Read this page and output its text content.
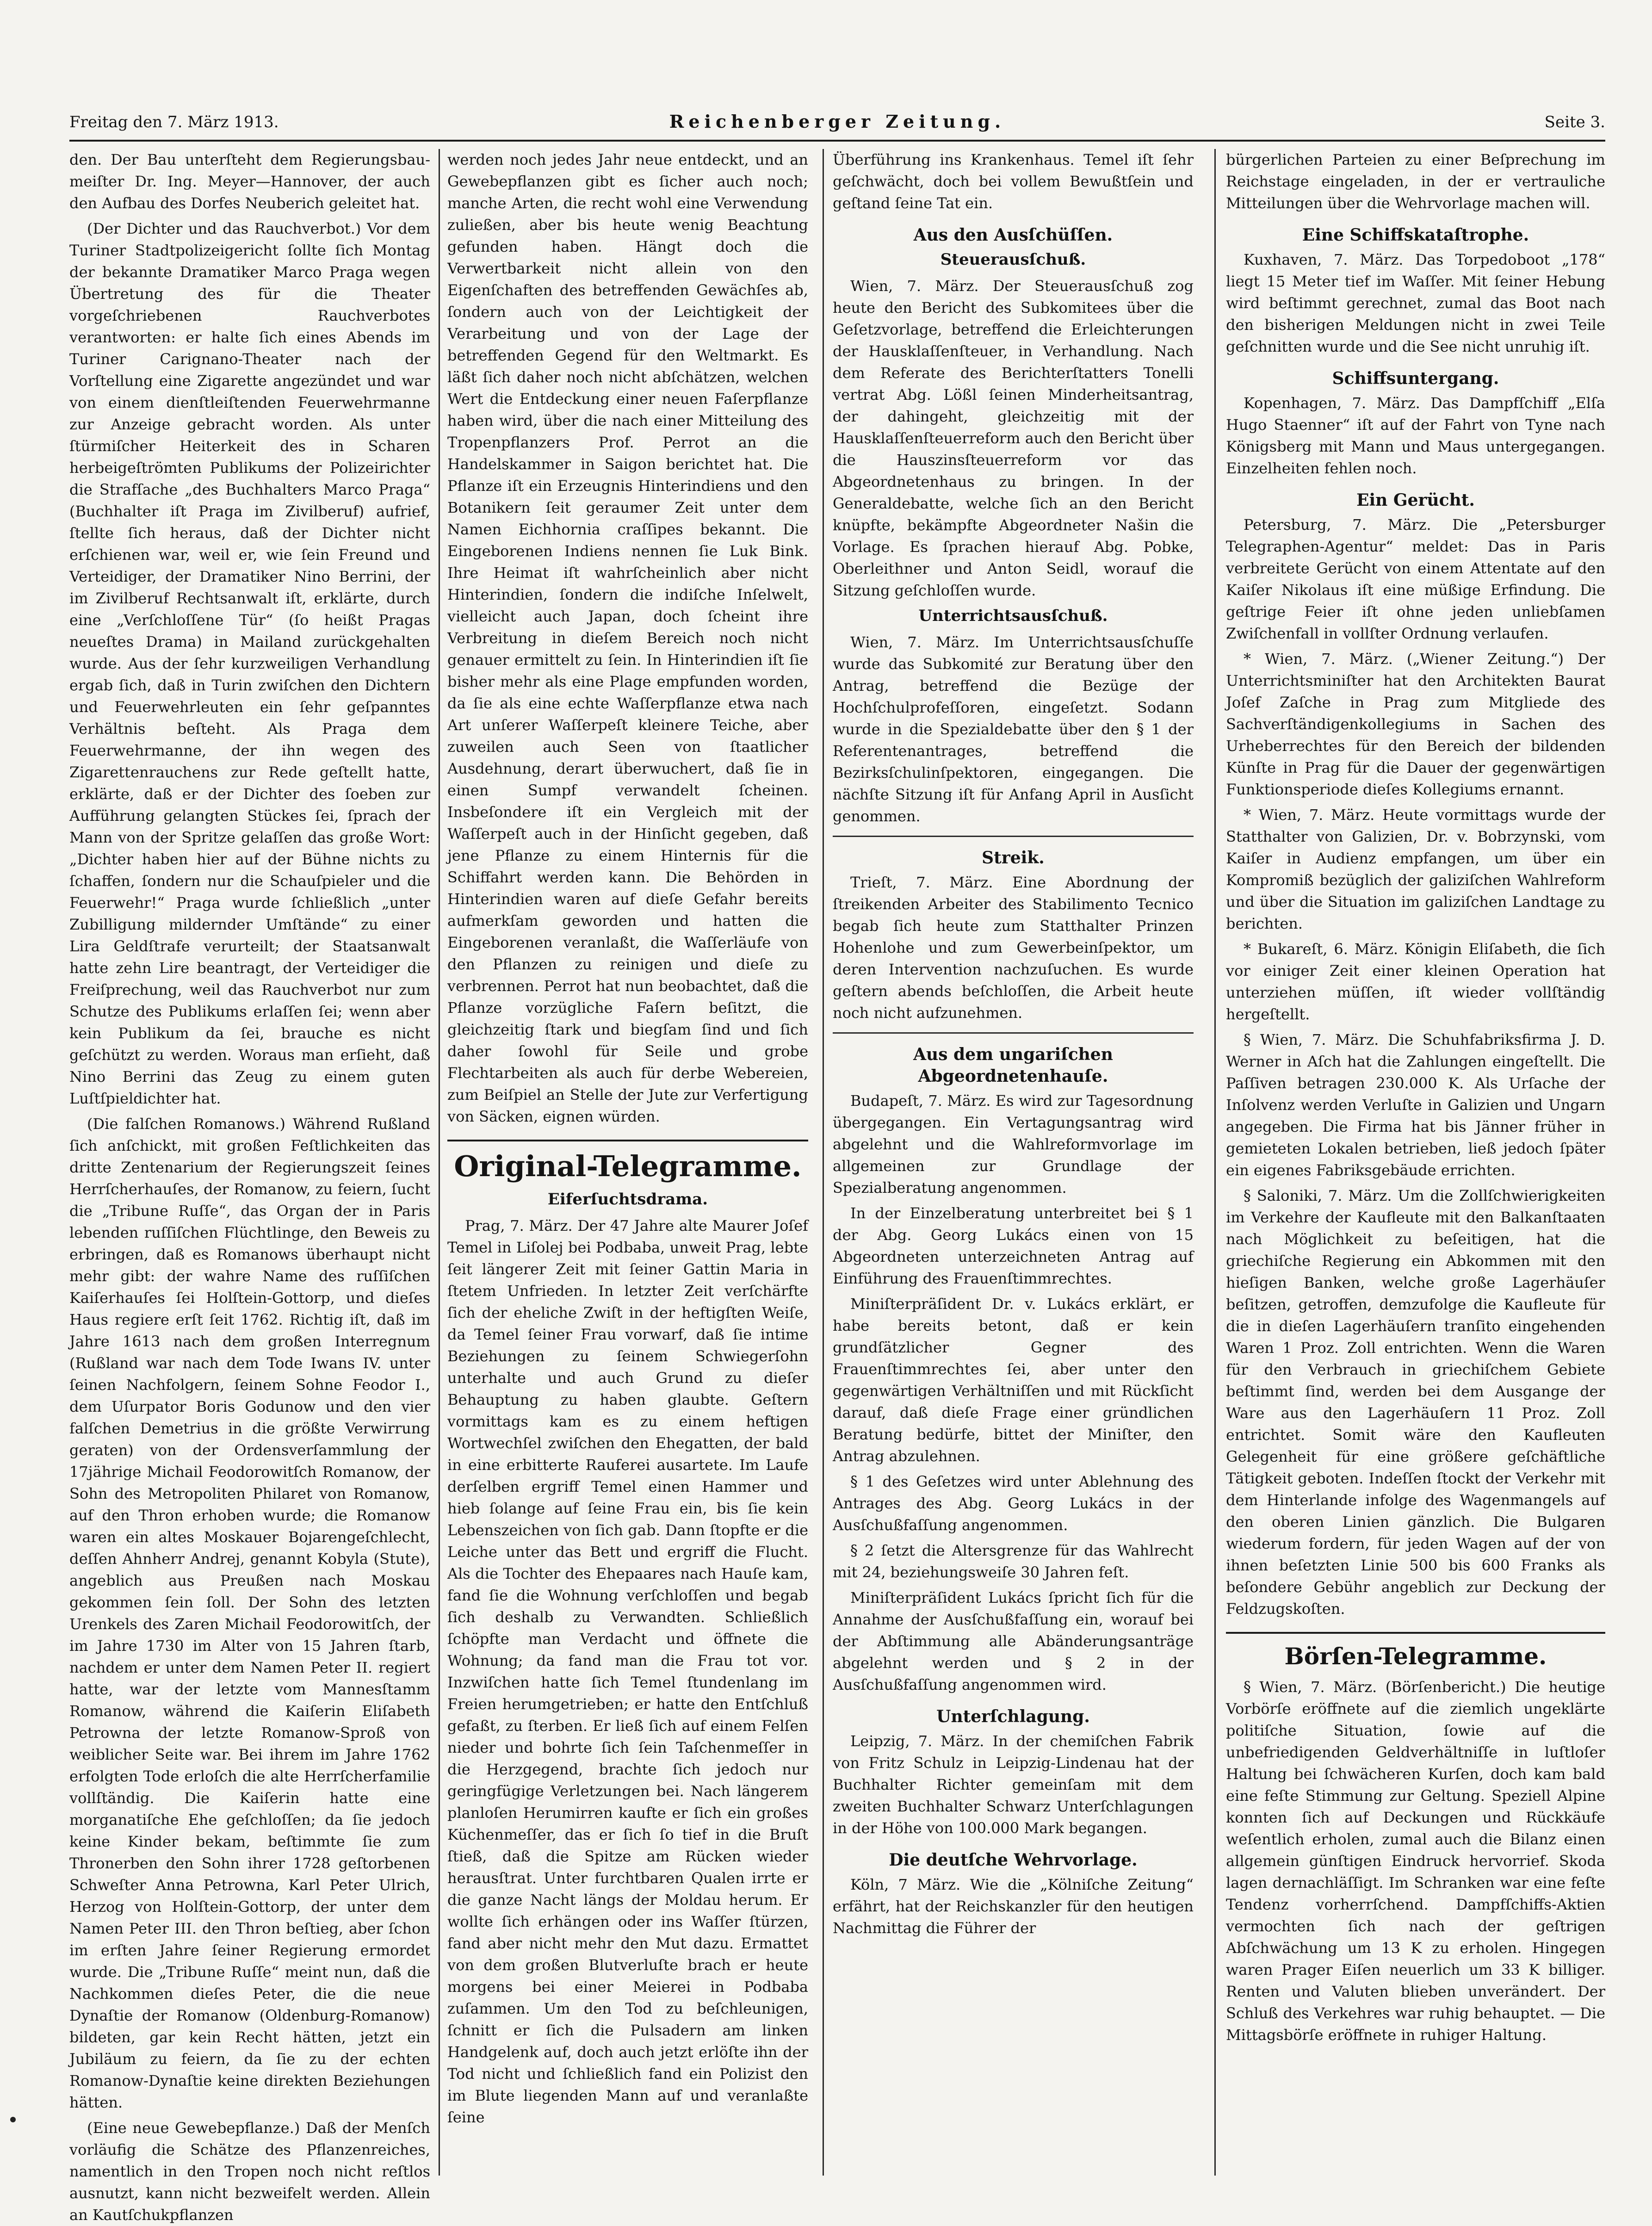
Freitag den 7. März 1913.	Reichenberger Zeitung.	Seite 3.

den. Der Bau unterſteht dem Regierungsbau-meiſter Dr. Ing. Meyer—Hannover, der auch den Aufbau des Dorfes Neuberich geleitet hat.

(Der Dichter und das Rauchverbot.) Vor dem Turiner Stadtpolizeigericht ſollte ſich Montag der bekannte Dramatiker Marco Praga wegen Übertretung des für die Theater vorgeſchriebenen Rauchverbotes verantworten: er halte ſich eines Abends im Turiner Carignano-Theater nach der Vorſtellung eine Zigarette angezündet und war von einem dienſtleiſtenden Feuerwehrmanne zur Anzeige gebracht worden. Als unter ſtürmiſcher Heiterkeit des in Scharen herbeigeſtrömten Publikums der Polizeirichter die Strafſache „des Buchhalters Marco Praga“ (Buchhalter iſt Praga im Zivilberuf) aufrief, ſtellte ſich heraus, daß der Dichter nicht erſchienen war, weil er, wie ſein Freund und Verteidiger, der Dramatiker Nino Berrini, der im Zivilberuf Rechtsanwalt iſt, erklärte, durch eine „Verſchloſſene Tür“ (ſo heißt Pragas neueſtes Drama) in Mailand zurückgehalten wurde. Aus der ſehr kurzweiligen Verhandlung ergab ſich, daß in Turin zwiſchen den Dichtern und Feuerwehrleuten ein ſehr geſpanntes Verhältnis beſteht. Als Praga dem Feuerwehrmanne, der ihn wegen des Zigarettenrauchens zur Rede geſtellt hatte, erklärte, daß er der Dichter des ſoeben zur Aufführung gelangten Stückes ſei, ſprach der Mann von der Spritze gelaſſen das große Wort: „Dichter haben hier auf der Bühne nichts zu ſchaffen, ſondern nur die Schauſpieler und die Feuerwehr!“ Praga wurde ſchließlich „unter Zubilligung mildernder Umſtände“ zu einer Lira Geldſtrafe verurteilt; der Staatsanwalt hatte zehn Lire beantragt, der Verteidiger die Freiſprechung, weil das Rauchverbot nur zum Schutze des Publikums erlaſſen ſei; wenn aber kein Publikum da ſei, brauche es nicht geſchützt zu werden. Woraus man erſieht, daß Nino Berrini das Zeug zu einem guten Luſtſpieldichter hat.

(Die falſchen Romanows.) Während Rußland ſich anſchickt, mit großen Feſtlichkeiten das dritte Zentenarium der Regierungszeit ſeines Herrſcherhauſes, der Romanow, zu feiern, ſucht die „Tribune Ruſſe“, das Organ der in Paris lebenden ruſſiſchen Flüchtlinge, den Beweis zu erbringen, daß es Romanows überhaupt nicht mehr gibt: der wahre Name des ruſſiſchen Kaiſerhauſes ſei Holſtein-Gottorp, und dieſes Haus regiere erſt ſeit 1762. Richtig iſt, daß im Jahre 1613 nach dem großen Interregnum (Rußland war nach dem Tode Iwans IV. unter ſeinen Nachfolgern, ſeinem Sohne Feodor I., dem Uſurpator Boris Godunow und den vier falſchen Demetrius in die größte Verwirrung geraten) von der Ordensverſammlung der 17jährige Michail Feodorowitſch Romanow, der Sohn des Metropoliten Philaret von Romanow, auf den Thron erhoben wurde; die Romanow waren ein altes Moskauer Bojarengeſchlecht, deſſen Ahnherr Andrej, genannt Kobyla (Stute), angeblich aus Preußen nach Moskau gekommen ſein ſoll. Der Sohn des letzten Urenkels des Zaren Michail Feodorowitſch, der im Jahre 1730 im Alter von 15 Jahren ſtarb, nachdem er unter dem Namen Peter II. regiert hatte, war der letzte vom Mannesſtamm Romanow, während die Kaiſerin Eliſabeth Petrowna der letzte Romanow-Sproß von weiblicher Seite war. Bei ihrem im Jahre 1762 erfolgten Tode erloſch die alte Herrſcherfamilie vollſtändig. Die Kaiſerin hatte eine morganatiſche Ehe geſchloſſen; da ſie jedoch keine Kinder bekam, beſtimmte ſie zum Thronerben den Sohn ihrer 1728 geſtorbenen Schweſter Anna Petrowna, Karl Peter Ulrich, Herzog von Holſtein-Gottorp, der unter dem Namen Peter III. den Thron beſtieg, aber ſchon im erſten Jahre ſeiner Regierung ermordet wurde. Die „Tribune Ruſſe“ meint nun, daß die Nachkommen dieſes Peter, die die neue Dynaſtie der Romanow (Oldenburg-Romanow) bildeten, gar kein Recht hätten, jetzt ein Jubiläum zu feiern, da ſie zu der echten Romanow-Dynaſtie keine direkten Beziehungen hätten.

(Eine neue Gewebepflanze.) Daß der Menſch vorläufig die Schätze des Pflanzenreiches, namentlich in den Tropen noch nicht reſtlos ausnutzt, kann nicht bezweifelt werden. Allein an Kautſchukpflanzen

werden noch jedes Jahr neue entdeckt, und an Gewebepflanzen gibt es ſicher auch noch; manche Arten, die recht wohl eine Verwendung zuließen, aber bis heute wenig Beachtung gefunden haben. Hängt doch die Verwertbarkeit nicht allein von den Eigenſchaften des betreffenden Gewächſes ab, ſondern auch von der Leichtigkeit der Verarbeitung und von der Lage der betreffenden Gegend für den Weltmarkt. Es läßt ſich daher noch nicht abſchätzen, welchen Wert die Entdeckung einer neuen Faſerpflanze haben wird, über die nach einer Mitteilung des Tropenpflanzers Prof. Perrot an die Handelskammer in Saigon berichtet hat. Die Pflanze iſt ein Erzeugnis Hinterindiens und den Botanikern ſeit geraumer Zeit unter dem Namen Eichhornia craſſipes bekannt. Die Eingeborenen Indiens nennen ſie Luk Bink. Ihre Heimat iſt wahrſcheinlich aber nicht Hinterindien, ſondern die indiſche Inſelwelt, vielleicht auch Japan, doch ſcheint ihre Verbreitung in dieſem Bereich noch nicht genauer ermittelt zu ſein. In Hinterindien iſt ſie bisher mehr als eine Plage empfunden worden, da ſie als eine echte Waſſerpflanze etwa nach Art unſerer Waſſerpeſt kleinere Teiche, aber zuweilen auch Seen von ſtaatlicher Ausdehnung, derart überwuchert, daß ſie in einen Sumpf verwandelt ſcheinen. Insbeſondere iſt ein Vergleich mit der Waſſerpeſt auch in der Hinſicht gegeben, daß jene Pflanze zu einem Hinternis für die Schiffahrt werden kann. Die Behörden in Hinterindien waren auf dieſe Gefahr bereits aufmerkſam geworden und hatten die Eingeborenen veranlaßt, die Waſſerläufe von den Pflanzen zu reinigen und dieſe zu verbrennen. Perrot hat nun beobachtet, daß die Pflanze vorzügliche Faſern beſitzt, die gleichzeitig ſtark und biegſam ſind und ſich daher ſowohl für Seile und grobe Flechtarbeiten als auch für derbe Webereien, zum Beiſpiel an Stelle der Jute zur Verfertigung von Säcken, eignen würden.

Original-Telegramme.
Eiferſuchtsdrama.

Prag, 7. März. Der 47 Jahre alte Maurer Joſef Temel in Liſolej bei Podbaba, unweit Prag, lebte ſeit längerer Zeit mit ſeiner Gattin Maria in ſtetem Unfrieden. In letzter Zeit verſchärfte ſich der eheliche Zwiſt in der heftigſten Weiſe, da Temel ſeiner Frau vorwarf, daß ſie intime Beziehungen zu ſeinem Schwiegerſohn unterhalte und auch Grund zu dieſer Behauptung zu haben glaubte. Geſtern vormittags kam es zu einem heftigen Wortwechſel zwiſchen den Ehegatten, der bald in eine erbitterte Rauferei ausartete. Im Laufe derſelben ergriff Temel einen Hammer und hieb ſolange auf ſeine Frau ein, bis ſie kein Lebenszeichen von ſich gab. Dann ſtopfte er die Leiche unter das Bett und ergriff die Flucht. Als die Tochter des Ehepaares nach Hauſe kam, fand ſie die Wohnung verſchloſſen und begab ſich deshalb zu Verwandten. Schließlich ſchöpfte man Verdacht und öffnete die Wohnung; da fand man die Frau tot vor. Inzwiſchen hatte ſich Temel ſtundenlang im Freien herumgetrieben; er hatte den Entſchluß gefaßt, zu ſterben. Er ließ ſich auf einem Felſen nieder und bohrte ſich ſein Taſchenmeſſer in die Herzgegend, brachte ſich jedoch nur geringfügige Verletzungen bei. Nach längerem planloſen Herumirren kaufte er ſich ein großes Küchenmeſſer, das er ſich ſo tief in die Bruſt ſtieß, daß die Spitze am Rücken wieder herausſtrat. Unter furchtbaren Qualen irrte er die ganze Nacht längs der Moldau herum. Er wollte ſich erhängen oder ins Waſſer ſtürzen, fand aber nicht mehr den Mut dazu. Ermattet von dem großen Blutverluſte brach er heute morgens bei einer Meierei in Podbaba zuſammen. Um den Tod zu beſchleunigen, ſchnitt er ſich die Pulsadern am linken Handgelenk auf, doch auch jetzt erlöſte ihn der Tod nicht und ſchließlich fand ein Polizist den im Blute liegenden Mann auf und veranlaßte ſeine

Überführung ins Krankenhaus. Temel iſt ſehr geſchwächt, doch bei vollem Bewußtſein und geſtand ſeine Tat ein.

Aus den Ausſchüſſen.
Steuerausſchuß.

Wien, 7. März. Der Steuerausſchuß zog heute den Bericht des Subkomitees über die Geſetzvorlage, betreffend die Erleichterungen der Hausklaſſenſteuer, in Verhandlung. Nach dem Referate des Berichterſtatters Tonelli vertrat Abg. Lößl ſeinen Minderheitsantrag, der dahingeht, gleichzeitig mit der Hausklaſſenſteuerreform auch den Bericht über die Hauszinsſteuerreform vor das Abgeordnetenhaus zu bringen. In der Generaldebatte, welche ſich an den Bericht knüpfte, bekämpfte Abgeordneter Našin die Vorlage. Es ſprachen hierauf Abg. Pobke, Oberleithner und Anton Seidl, worauf die Sitzung geſchloſſen wurde.

Unterrichtsausſchuß.

Wien, 7. März. Im Unterrichtsausſchuſſe wurde das Subkomité zur Beratung über den Antrag, betreffend die Bezüge der Hochſchulprofeſſoren, eingeſetzt. Sodann wurde in die Spezialdebatte über den § 1 der Referentenantrages, betreffend die Bezirksſchulinſpektoren, eingegangen. Die nächſte Sitzung iſt für Anfang April in Ausſicht genommen.

Streik.

Trieſt, 7. März. Eine Abordnung der ſtreikenden Arbeiter des Stabilimento Tecnico begab ſich heute zum Statthalter Prinzen Hohenlohe und zum Gewerbeinſpektor, um deren Intervention nachzuſuchen. Es wurde geſtern abends beſchloſſen, die Arbeit heute noch nicht aufzunehmen.

Aus dem ungariſchen Abgeordnetenhauſe.

Budapeſt, 7. März. Es wird zur Tagesordnung übergegangen. Ein Vertagungsantrag wird abgelehnt und die Wahlreformvorlage im allgemeinen zur Grundlage der Spezialberatung angenommen.

In der Einzelberatung unterbreitet bei § 1 der Abg. Georg Lukács einen von 15 Abgeordneten unterzeichneten Antrag auf Einführung des Frauenſtimmrechtes.

Miniſterpräſident Dr. v. Lukács erklärt, er habe bereits betont, daß er kein grundſätzlicher Gegner des Frauenſtimmrechtes ſei, aber unter den gegenwärtigen Verhältniſſen und mit Rückſicht darauf, daß dieſe Frage einer gründlichen Beratung bedürfe, bittet der Miniſter, den Antrag abzulehnen.

§ 1 des Geſetzes wird unter Ablehnung des Antrages des Abg. Georg Lukács in der Ausſchußfaſſung angenommen.

§ 2 ſetzt die Altersgrenze für das Wahlrecht mit 24, beziehungsweiſe 30 Jahren feſt.

Miniſterpräſident Lukács ſpricht ſich für die Annahme der Ausſchußfaſſung ein, worauf bei der Abſtimmung alle Abänderungsanträge abgelehnt werden und § 2 in der Ausſchußfaſſung angenommen wird.

Unterſchlagung.

Leipzig, 7. März. In der chemiſchen Fabrik von Fritz Schulz in Leipzig-Lindenau hat der Buchhalter Richter gemeinſam mit dem zweiten Buchhalter Schwarz Unterſchlagungen in der Höhe von 100.000 Mark begangen.

Die deutſche Wehrvorlage.

Köln, 7 März. Wie die „Kölniſche Zeitung“ erfährt, hat der Reichskanzler für den heutigen Nachmittag die Führer der

bürgerlichen Parteien zu einer Beſprechung im Reichstage eingeladen, in der er vertrauliche Mitteilungen über die Wehrvorlage machen will.

Eine Schiffskataſtrophe.

Kuxhaven, 7. März. Das Torpedoboot „178“ liegt 15 Meter tief im Waſſer. Mit ſeiner Hebung wird beſtimmt gerechnet, zumal das Boot nach den bisherigen Meldungen nicht in zwei Teile geſchnitten wurde und die See nicht unruhig iſt.

Schiffsuntergang.

Kopenhagen, 7. März. Das Dampfſchiff „Elſa Hugo Staenner“ iſt auf der Fahrt von Tyne nach Königsberg mit Mann und Maus untergegangen. Einzelheiten fehlen noch.

Ein Gerücht.

Petersburg, 7. März. Die „Petersburger Telegraphen-Agentur“ meldet: Das in Paris verbreitete Gerücht von einem Attentate auf den Kaiſer Nikolaus iſt eine müßige Erfindung. Die geſtrige Feier iſt ohne jeden unliebſamen Zwiſchenfall in vollſter Ordnung verlaufen.

* Wien, 7. März. („Wiener Zeitung.“) Der Unterrichtsminiſter hat den Architekten Baurat Joſef Zaſche in Prag zum Mitgliede des Sachverſtändigenkollegiums in Sachen des Urheberrechtes für den Bereich der bildenden Künſte in Prag für die Dauer der gegenwärtigen Funktionsperiode dieſes Kollegiums ernannt.

* Wien, 7. März. Heute vormittags wurde der Statthalter von Galizien, Dr. v. Bobrzynski, vom Kaiſer in Audienz empfangen, um über ein Kompromiß bezüglich der galiziſchen Wahlreform und über die Situation im galiziſchen Landtage zu berichten.

* Bukareſt, 6. März. Königin Eliſabeth, die ſich vor einiger Zeit einer kleinen Operation hat unterziehen müſſen, iſt wieder vollſtändig hergeſtellt.

§ Wien, 7. März. Die Schuhfabriksfirma J. D. Werner in Aſch hat die Zahlungen eingeſtellt. Die Paſſiven betragen 230.000 K. Als Urſache der Inſolvenz werden Verluſte in Galizien und Ungarn angegeben. Die Firma hat bis Jänner früher in gemieteten Lokalen betrieben, ließ jedoch ſpäter ein eigenes Fabriksgebäude errichten.

§ Saloniki, 7. März. Um die Zollſchwierigkeiten im Verkehre der Kaufleute mit den Balkanſtaaten nach Möglichkeit zu beſeitigen, hat die griechiſche Regierung ein Abkommen mit den hieſigen Banken, welche große Lagerhäuſer beſitzen, getroffen, demzufolge die Kaufleute für die in dieſen Lagerhäuſern tranſito eingehenden Waren 1 Proz. Zoll entrichten. Wenn die Waren für den Verbrauch in griechiſchem Gebiete beſtimmt ſind, werden bei dem Ausgange der Ware aus den Lagerhäuſern 11 Proz. Zoll entrichtet. Somit wäre den Kaufleuten Gelegenheit für eine größere geſchäftliche Tätigkeit geboten. Indeſſen ſtockt der Verkehr mit dem Hinterlande infolge des Wagenmangels auf den oberen Linien gänzlich. Die Bulgaren wiederum fordern, für jeden Wagen auf der von ihnen beſetzten Linie 500 bis 600 Franks als beſondere Gebühr angeblich zur Deckung der Feldzugskoſten.

Börſen-Telegramme.

§ Wien, 7. März. (Börſenbericht.) Die heutige Vorbörſe eröffnete auf die ziemlich ungeklärte politiſche Situation, ſowie auf die unbefriedigenden Geldverhältniſſe in luſtloſer Haltung bei ſchwächeren Kurſen, doch kam bald eine feſte Stimmung zur Geltung. Speziell Alpine konnten ſich auf Deckungen und Rückkäufe weſentlich erholen, zumal auch die Bilanz einen allgemein günſtigen Eindruck hervorrief. Skoda lagen dernachläſſigt. Im Schranken war eine feſte Tendenz vorherrſchend. Dampfſchiffs-Aktien vermochten ſich nach der geſtrigen Abſchwächung um 13 K zu erholen. Hingegen waren Prager Eiſen neuerlich um 33 K billiger. Renten und Valuten blieben unverändert. Der Schluß des Verkehres war ruhig behauptet. — Die Mittagsbörſe eröffnete in ruhiger Haltung.
